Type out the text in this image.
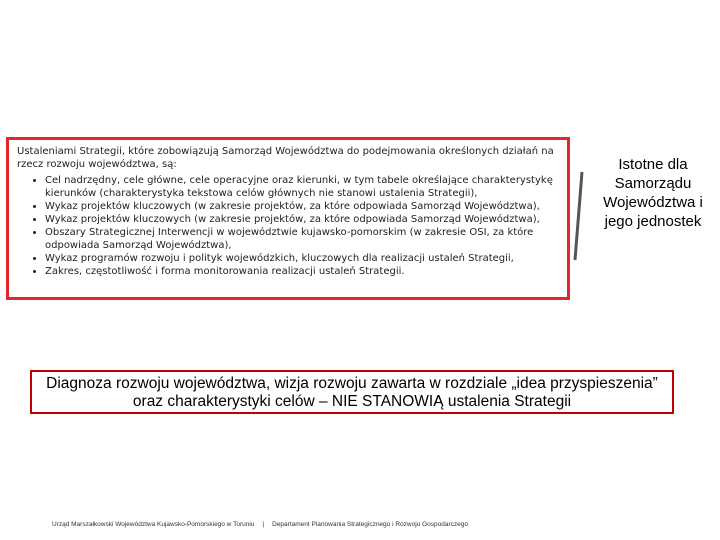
Ustaleniami Strategii, które zobowiązują Samorząd Województwa do podejmowania określonych działań na rzecz rozwoju województwa, są:

• Cel nadrzędny, cele główne, cele operacyjne oraz kierunki, w tym tabele określające charakterystykę kierunków (charakterystyka tekstowa celów głównych nie stanowi ustalenia Strategii),
• Wykaz projektów kluczowych (w zakresie projektów, za które odpowiada Samorząd Województwa),
• Wykaz projektów kluczowych (w zakresie projektów, za które odpowiada Samorząd Województwa),
• Obszary Strategicznej Interwencji w województwie kujawsko-pomorskim (w zakresie OSI, za które odpowiada Samorząd Województwa),
• Wykaz programów rozwoju i polityk wojewódzkich, kluczowych dla realizacji ustaleń Strategii,
• Zakres, częstotliwość i forma monitorowania realizacji ustaleń Strategii.
Istotne dla Samorządu Województwa i jego jednostek
Diagnoza rozwoju województwa, wizja rozwoju zawarta w rozdziale „idea przyspieszenia” oraz charakterystyki celów – NIE STANOWIĄ ustalenia Strategii
Urząd Marszałkowski Województwa Kujawsko-Pomorskiego w Toruniu | Departament Planowania Strategicznego i Rozwoju Gospodarczego
